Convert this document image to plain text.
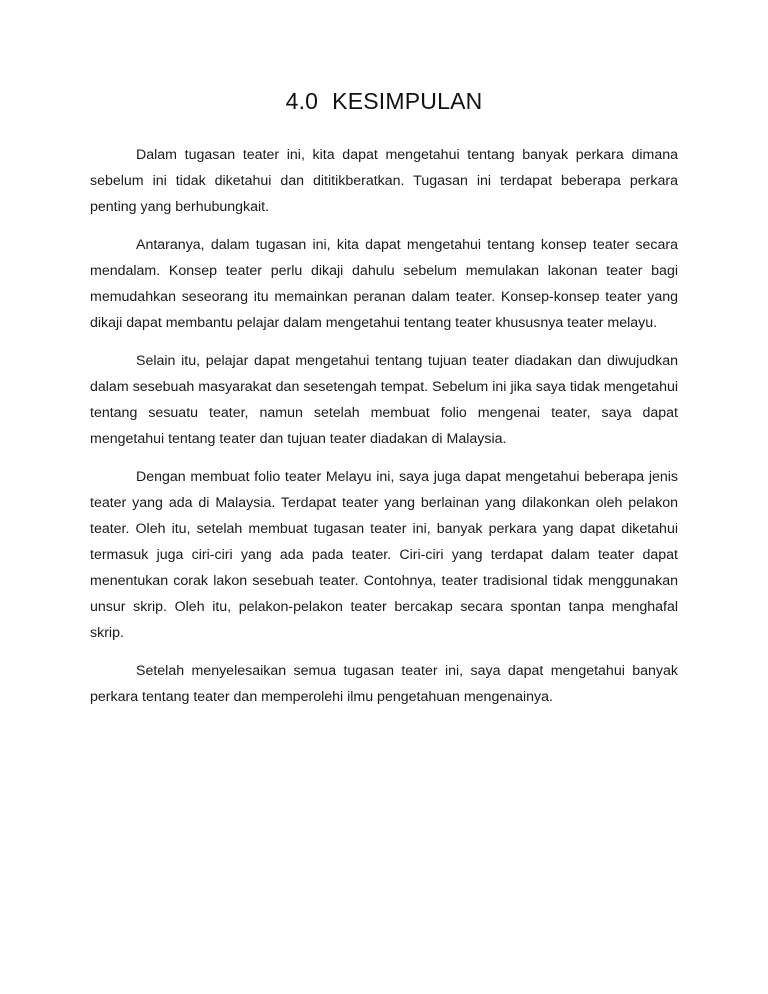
4.0 KESIMPULAN

Dalam tugasan teater ini, kita dapat mengetahui tentang banyak perkara dimana sebelum ini tidak diketahui dan dititikberatkan. Tugasan ini terdapat beberapa perkara penting yang berhubungkait.

Antaranya, dalam tugasan ini, kita dapat mengetahui tentang konsep teater secara mendalam. Konsep teater perlu dikaji dahulu sebelum memulakan lakonan teater bagi memudahkan seseorang itu memainkan peranan dalam teater. Konsep-konsep teater yang dikaji dapat membantu pelajar dalam mengetahui tentang teater khususnya teater melayu.

Selain itu, pelajar dapat mengetahui tentang tujuan teater diadakan dan diwujudkan dalam sesebuah masyarakat dan sesetengah tempat. Sebelum ini jika saya tidak mengetahui tentang sesuatu teater, namun setelah membuat folio mengenai teater, saya dapat mengetahui tentang teater dan tujuan teater diadakan di Malaysia.

Dengan membuat folio teater Melayu ini, saya juga dapat mengetahui beberapa jenis teater yang ada di Malaysia. Terdapat teater yang berlainan yang dilakonkan oleh pelakon teater. Oleh itu, setelah membuat tugasan teater ini, banyak perkara yang dapat diketahui termasuk juga ciri-ciri yang ada pada teater. Ciri-ciri yang terdapat dalam teater dapat menentukan corak lakon sesebuah teater. Contohnya, teater tradisional tidak menggunakan unsur skrip. Oleh itu, pelakon-pelakon teater bercakap secara spontan tanpa menghafal skrip.

Setelah menyelesaikan semua tugasan teater ini, saya dapat mengetahui banyak perkara tentang teater dan memperolehi ilmu pengetahuan mengenainya.
